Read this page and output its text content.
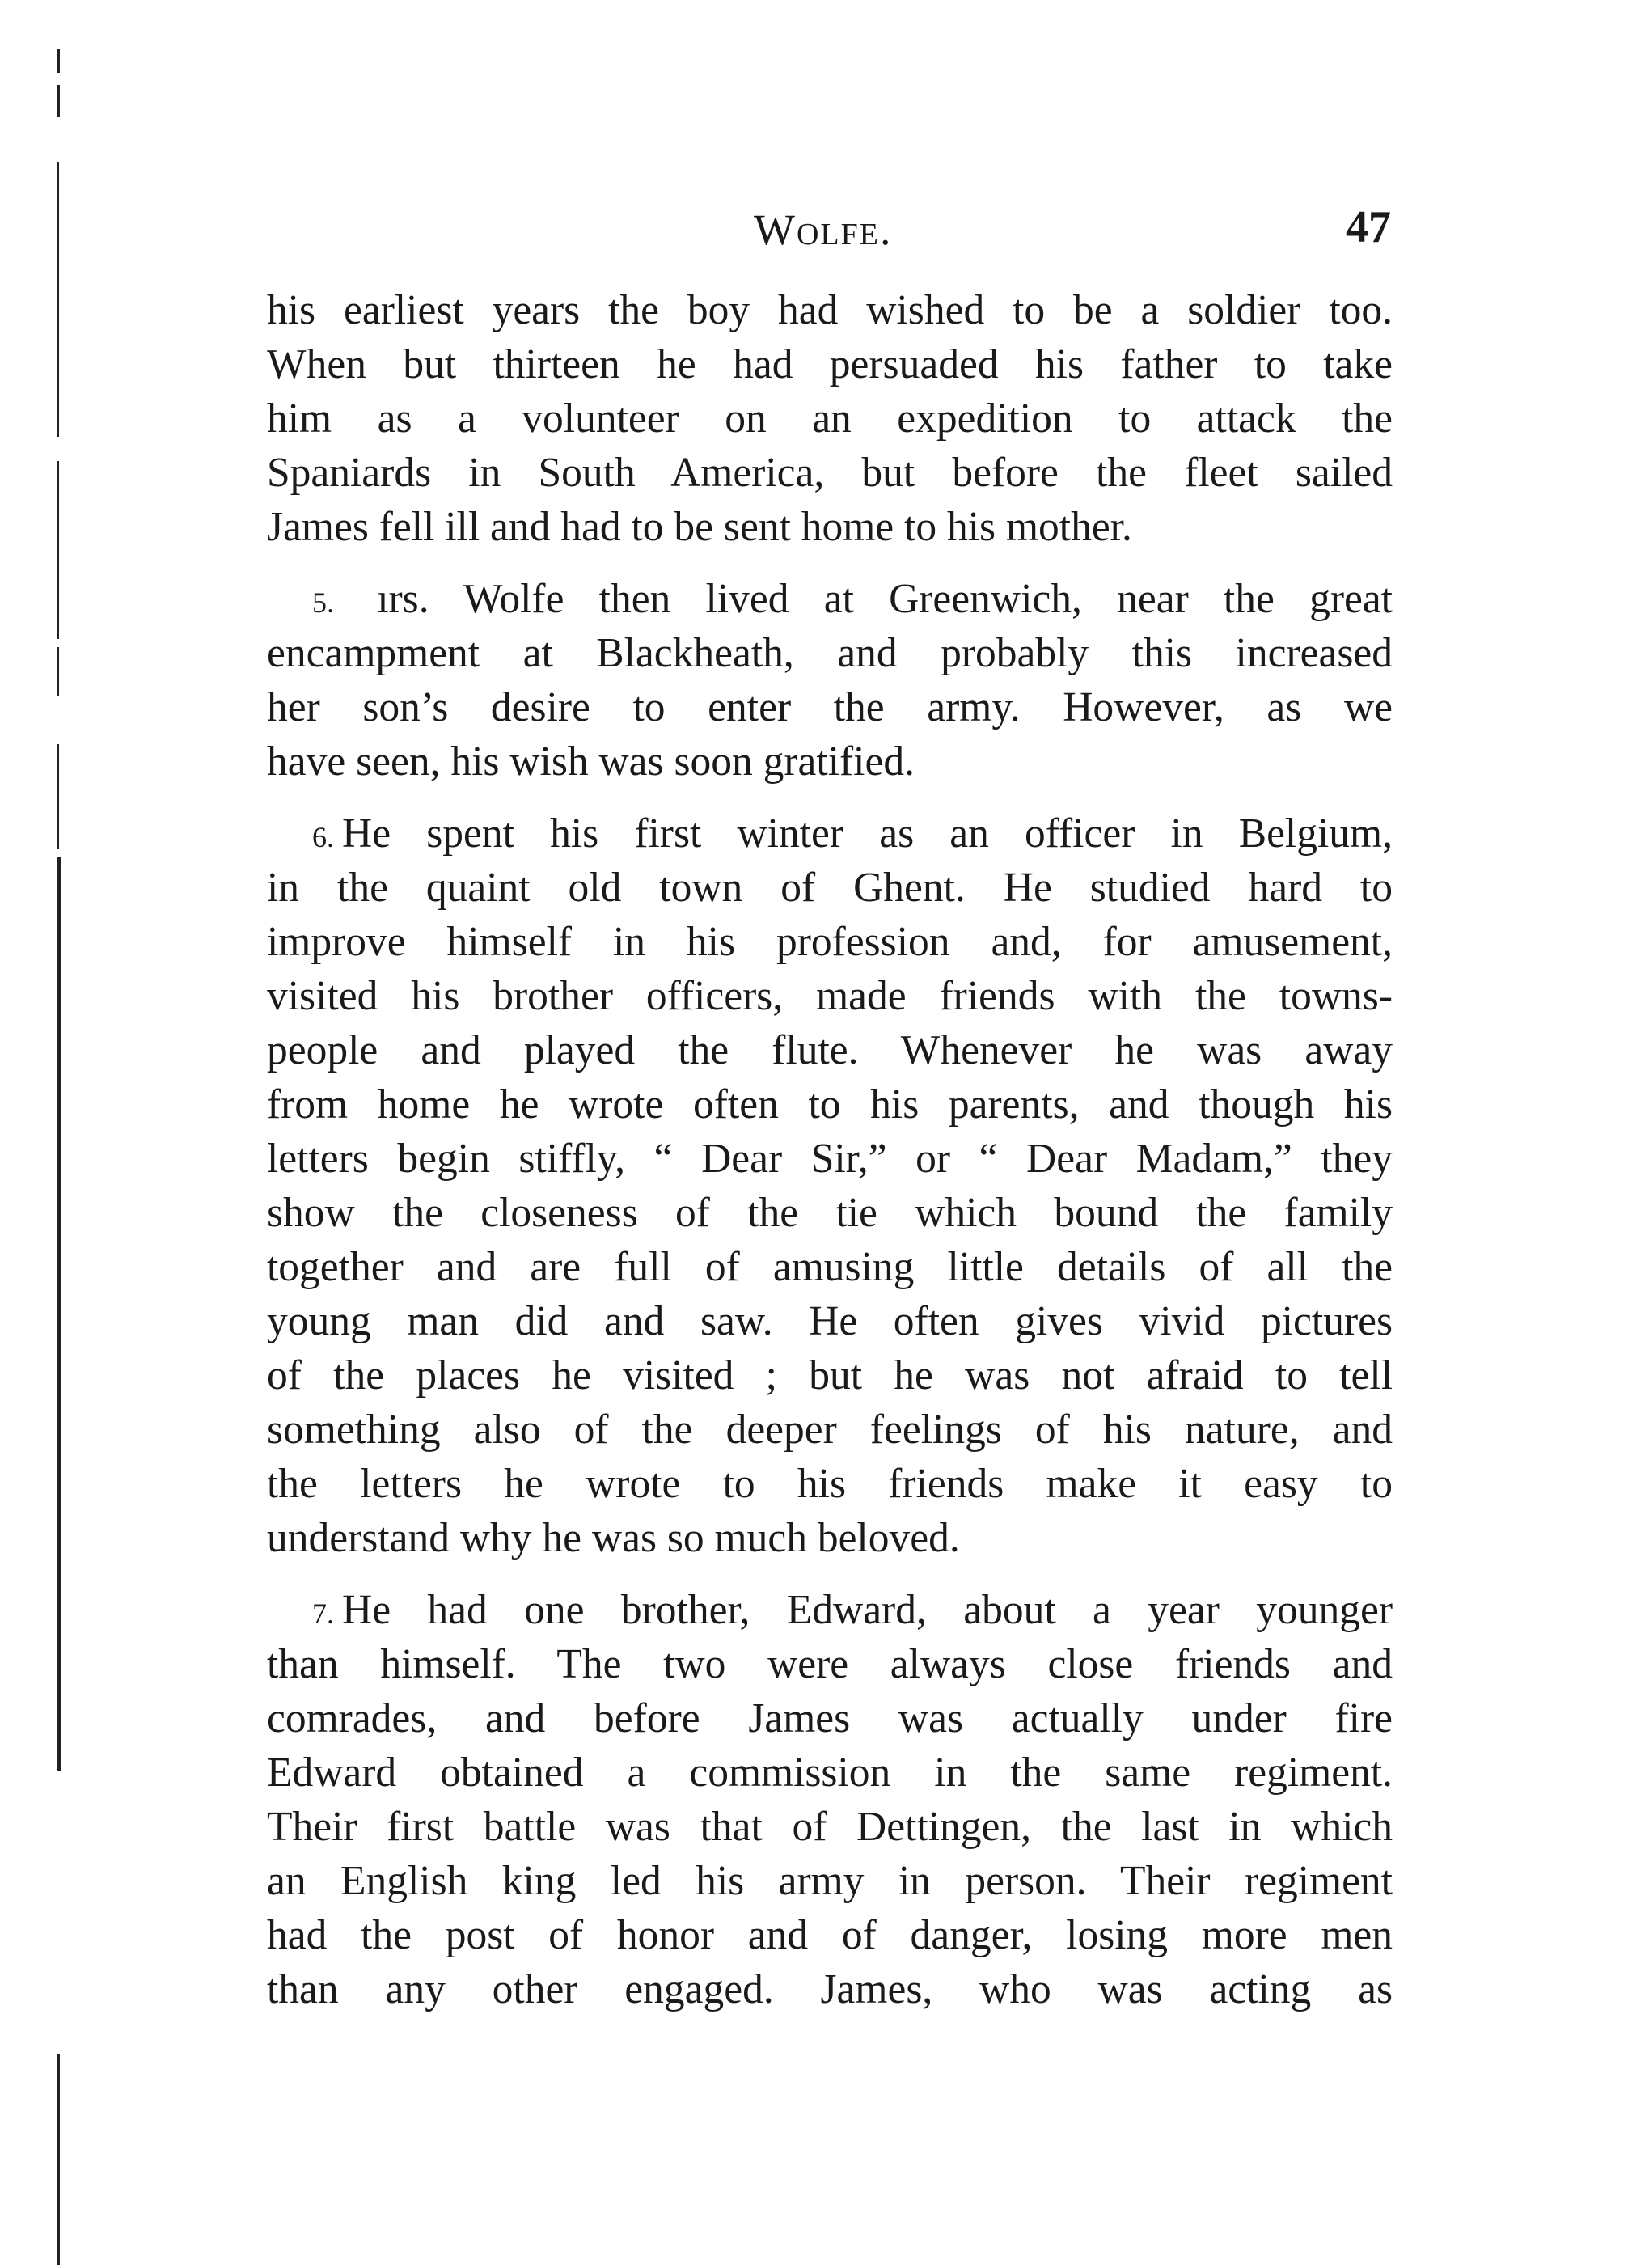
Wolfe.	47
his earliest years the boy had wished to be a soldier too.
When but thirteen he had persuaded his father to take
him as a volunteer on an expedition to attack the
Spaniards in South America, but before the fleet sailed
James fell ill and had to be sent home to his mother.
5. ırs. Wolfe then lived at Greenwich, near the great
encampment at Blackheath, and probably this increased
her son’s desire to enter the army. However, as we
have seen, his wish was soon gratified.
6. He spent his first winter as an officer in Belgium,
in the quaint old town of Ghent. He studied hard to
improve himself in his profession and, for amusement,
visited his brother officers, made friends with the towns-
people and played the flute. Whenever he was away
from home he wrote often to his parents, and though his
letters begin stiffly, “ Dear Sir,” or “ Dear Madam,” they
show the closeness of the tie which bound the family
together and are full of amusing little details of all the
young man did and saw. He often gives vivid pictures
of the places he visited ; but he was not afraid to tell
something also of the deeper feelings of his nature, and
the letters he wrote to his friends make it easy to
understand why he was so much beloved.
7. He had one brother, Edward, about a year younger
than himself. The two were always close friends and
comrades, and before James was actually under fire
Edward obtained a commission in the same regiment.
Their first battle was that of Dettingen, the last in which
an English king led his army in person. Their regiment
had the post of honor and of danger, losing more men
than any other engaged. James, who was acting as
